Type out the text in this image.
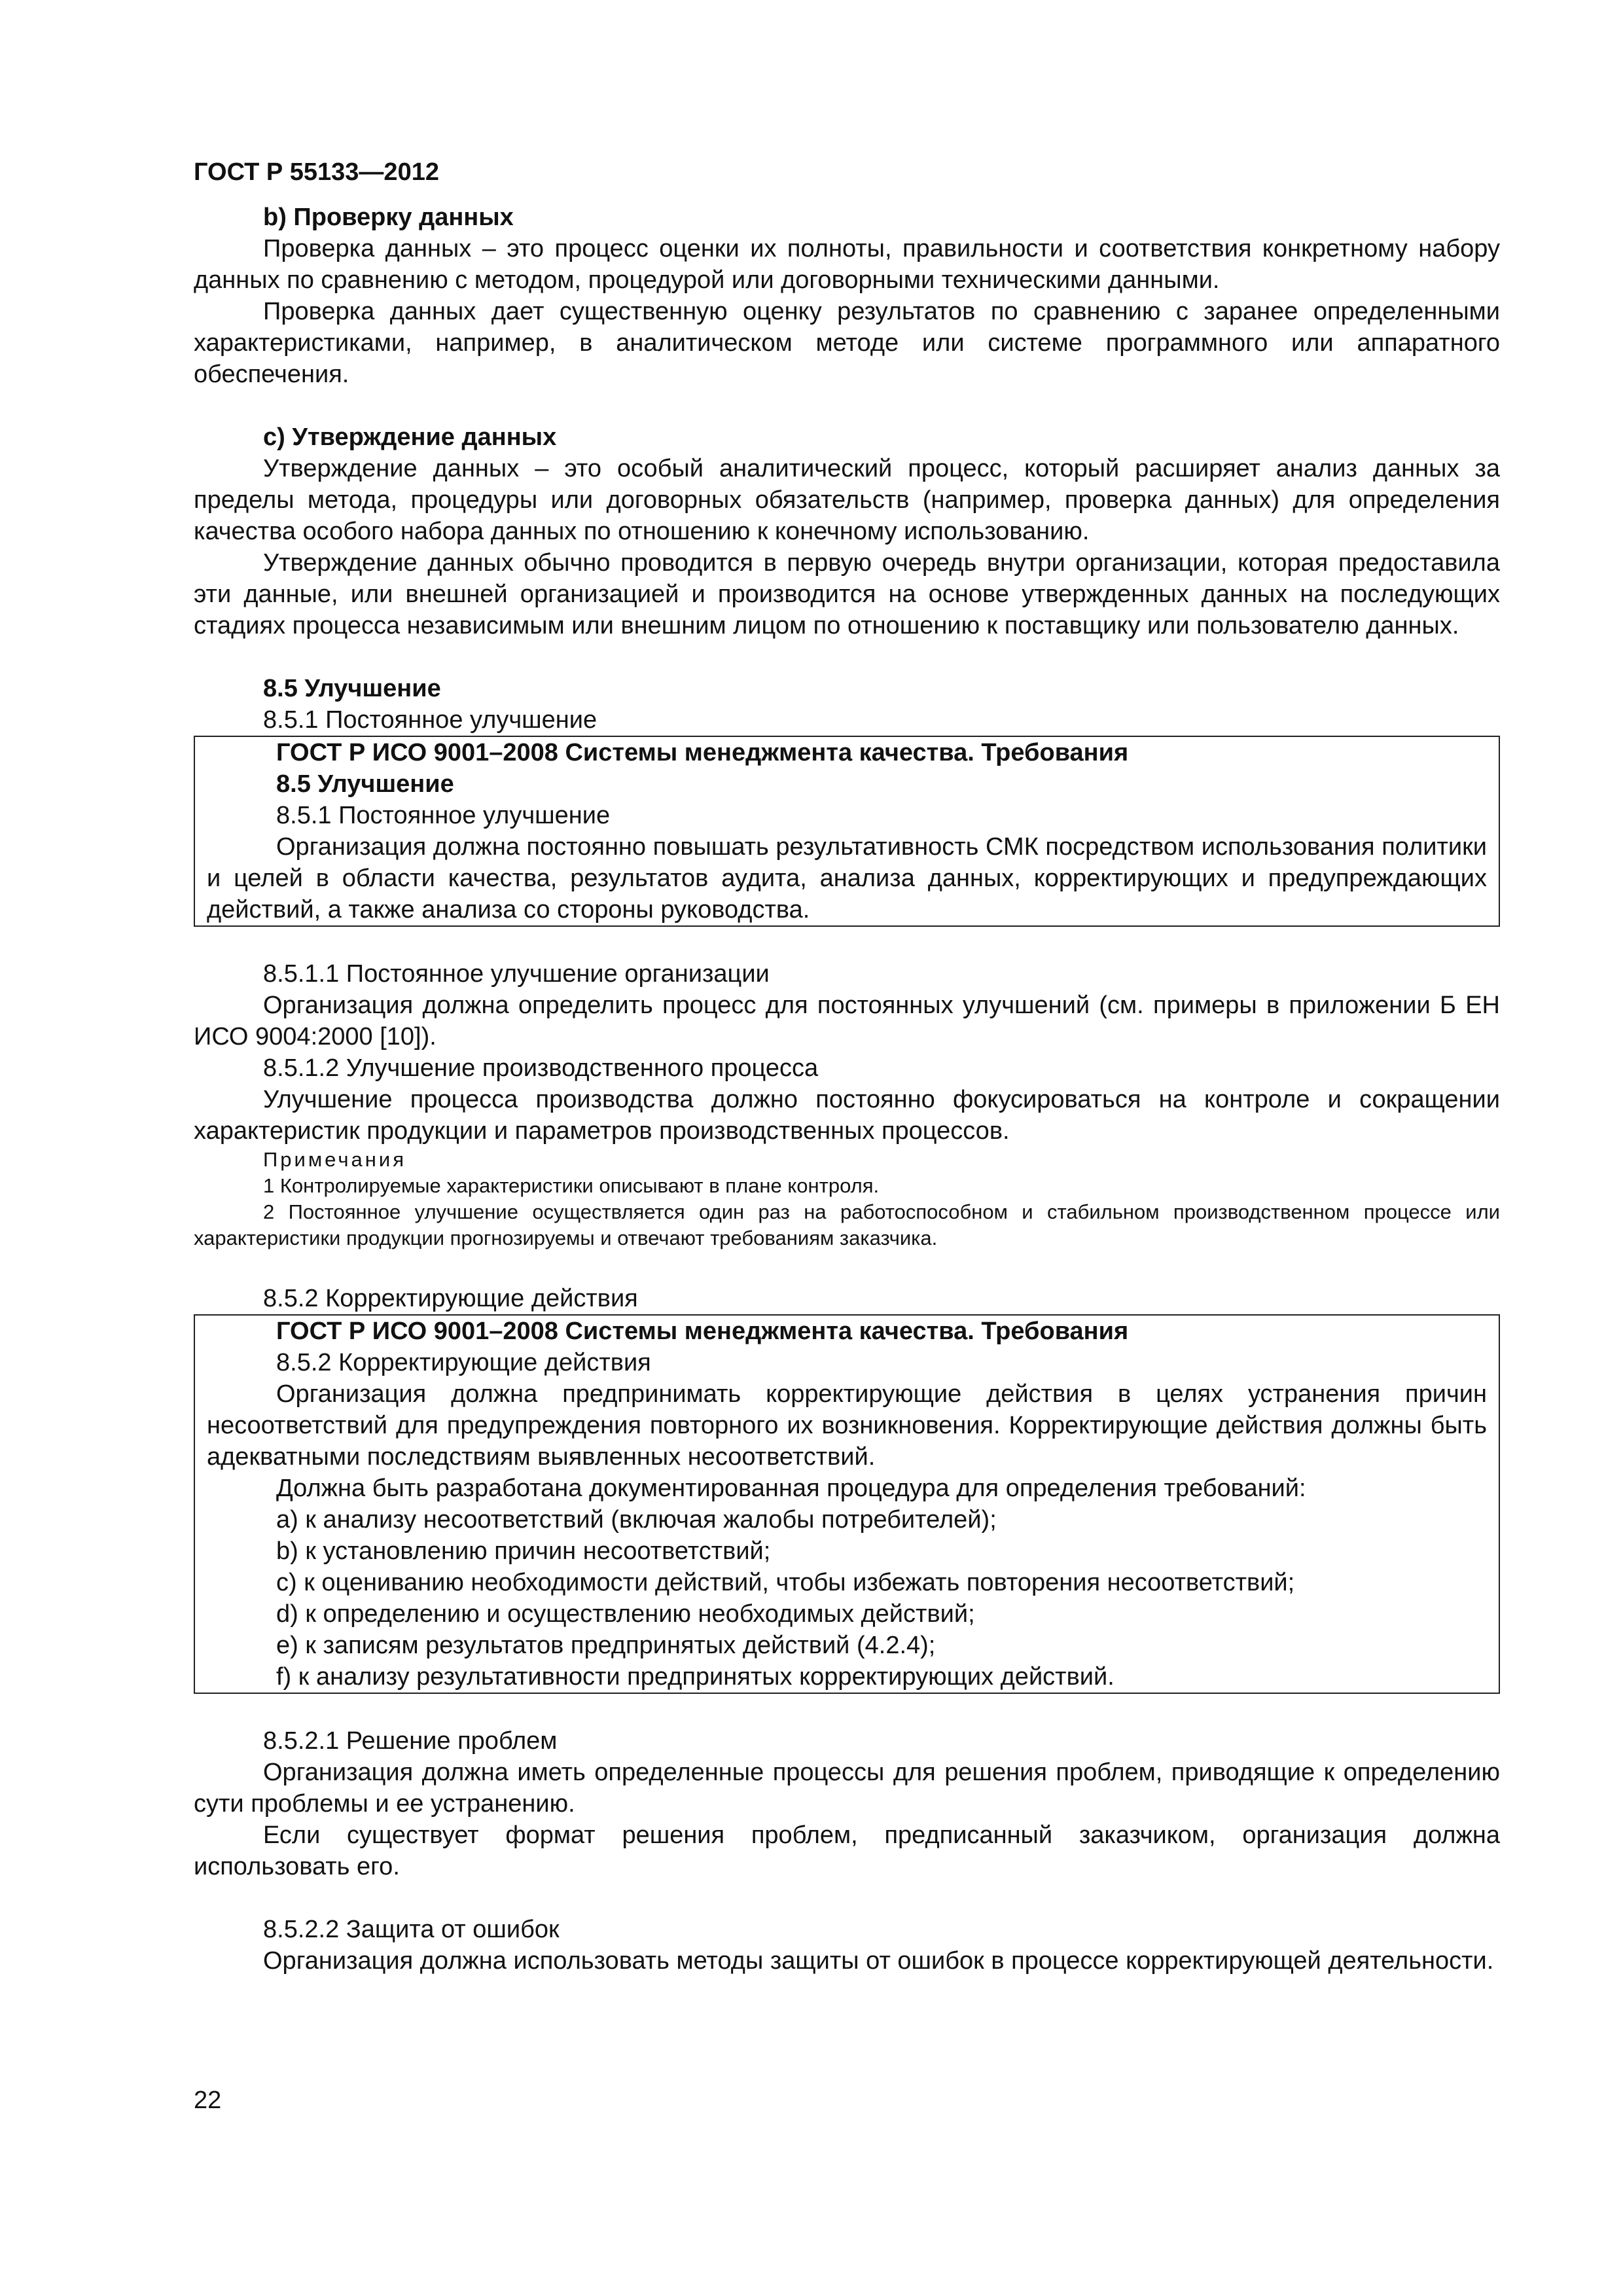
ГОСТ Р 55133—2012
b) Проверку данных

Проверка данных – это процесс оценки их полноты, правильности и соответствия конкретному набору данных по сравнению с методом, процедурой или договорными техническими данными.

Проверка данных дает существенную оценку результатов по сравнению с заранее определенными характеристиками, например, в аналитическом методе или системе программного или аппаратного обеспечения.

c) Утверждение данных

Утверждение данных – это особый аналитический процесс, который расширяет анализ данных за пределы метода, процедуры или договорных обязательств (например, проверка данных) для определения качества особого набора данных по отношению к конечному использованию.

Утверждение данных обычно проводится в первую очередь внутри организации, которая предоставила эти данные, или внешней организацией и производится на основе утвержденных данных на последующих стадиях процесса независимым или внешним лицом по отношению к поставщику или пользователю данных.

8.5 Улучшение
8.5.1 Постоянное улучшение
ГОСТ Р ИСО 9001–2008 Системы менеджмента качества. Требования
8.5 Улучшение
8.5.1 Постоянное улучшение

Организация должна постоянно повышать результативность СМК посредством использования политики и целей в области качества, результатов аудита, анализа данных, корректирующих и предупреждающих действий, а также анализа со стороны руководства.

8.5.1.1 Постоянное улучшение организации

Организация должна определить процесс для постоянных улучшений (см. примеры в приложении Б ЕН ИСО 9004:2000 [10]).

8.5.1.2 Улучшение производственного процесса

Улучшение процесса производства должно постоянно фокусироваться на контроле и сокращении характеристик продукции и параметров производственных процессов.

Примечания

1 Контролируемые характеристики описывают в плане контроля.

2 Постоянное улучшение осуществляется один раз на работоспособном и стабильном производственном процессе или характеристики продукции прогнозируемы и отвечают требованиям заказчика.

8.5.2 Корректирующие действия
ГОСТ Р ИСО 9001–2008 Системы менеджмента качества. Требования
8.5.2 Корректирующие действия

Организация должна предпринимать корректирующие действия в целях устранения причин несоответствий для предупреждения повторного их возникновения. Корректирующие действия должны быть адекватными последствиям выявленных несоответствий.

Должна быть разработана документированная процедура для определения требований:

а) к анализу несоответствий (включая жалобы потребителей);
b) к установлению причин несоответствий;
c) к оцениванию необходимости действий, чтобы избежать повторения несоответствий;
d) к определению и осуществлению необходимых действий;
e) к записям результатов предпринятых действий (4.2.4);
f) к анализу результативности предпринятых корректирующих действий.
8.5.2.1 Решение проблем

Организация должна иметь определенные процессы для решения проблем, приводящие к определению сути проблемы и ее устранению.

Если существует формат решения проблем, предписанный заказчиком, организация должна использовать его.

8.5.2.2 Защита от ошибок

Организация должна использовать методы защиты от ошибок в процессе корректирующей деятельности.

22
